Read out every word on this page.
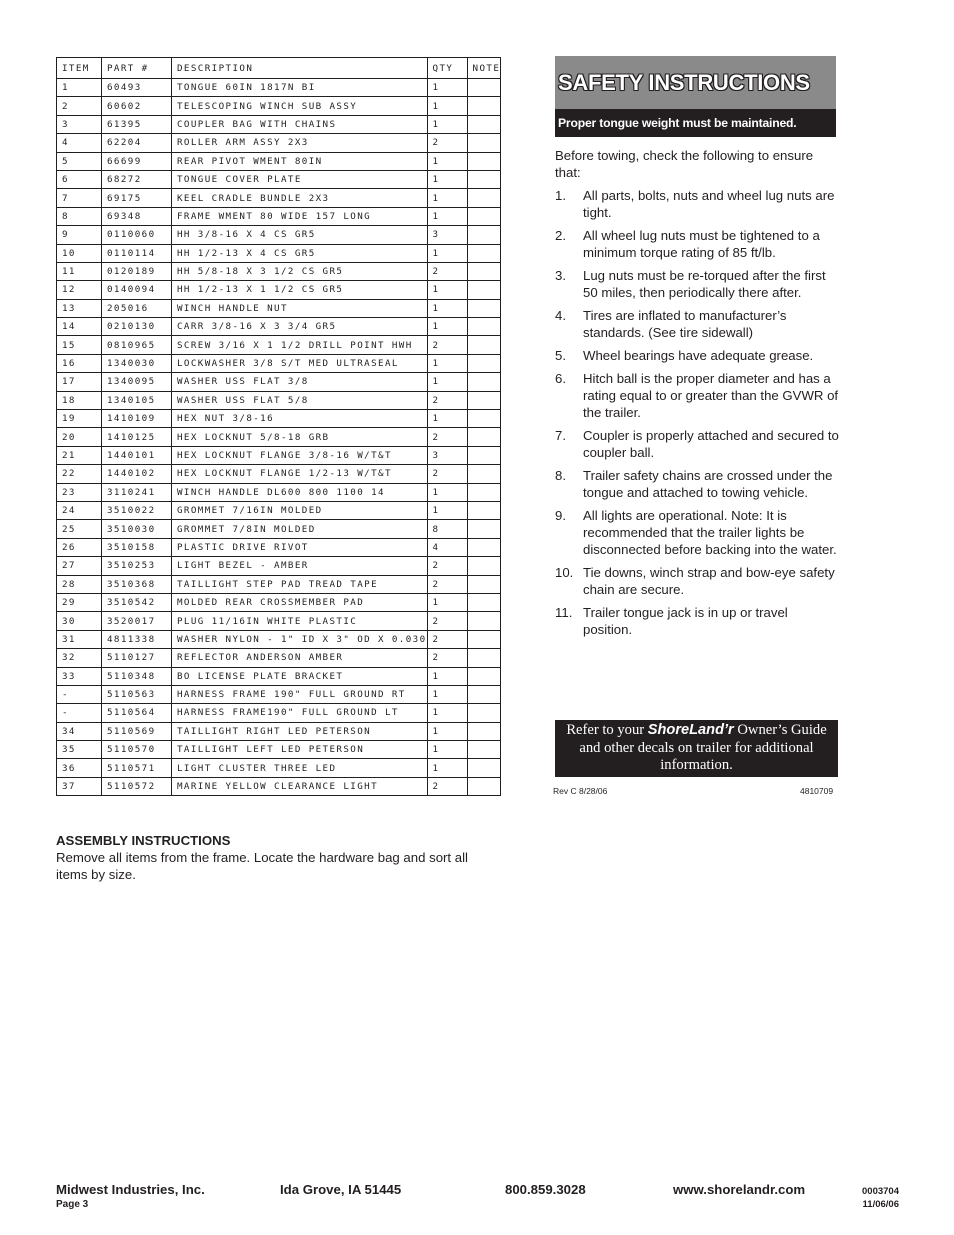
ITEM	PART #	DESCRIPTION	QTY	NOTE
1	60493	TONGUE 60IN 1817N BI	1	
2	60602	TELESCOPING WINCH SUB ASSY	1	
3	61395	COUPLER BAG WITH CHAINS	1	
4	62204	ROLLER ARM ASSY 2X3	2	
5	66699	REAR PIVOT WMENT 80IN	1	
6	68272	TONGUE COVER PLATE	1	
7	69175	KEEL CRADLE BUNDLE 2X3	1	
8	69348	FRAME WMENT 80 WIDE 157 LONG	1	
9	0110060	HH 3/8-16 X 4 CS GR5	3	
10	0110114	HH 1/2-13 X 4 CS GR5	1	
11	0120189	HH 5/8-18 X 3 1/2 CS GR5	2	
12	0140094	HH 1/2-13 X 1 1/2 CS GR5	1	
13	205016	WINCH HANDLE NUT	1	
14	0210130	CARR 3/8-16 X 3 3/4 GR5	1	
15	0810965	SCREW 3/16 X 1 1/2 DRILL POINT HWH	2	
16	1340030	LOCKWASHER 3/8 S/T MED ULTRASEAL	1	
17	1340095	WASHER USS FLAT 3/8	1	
18	1340105	WASHER USS FLAT 5/8	2	
19	1410109	HEX NUT 3/8-16	1	
20	1410125	HEX LOCKNUT 5/8-18 GRB	2	
21	1440101	HEX LOCKNUT FLANGE 3/8-16 W/T&T	3	
22	1440102	HEX LOCKNUT FLANGE 1/2-13 W/T&T	2	
23	3110241	WINCH HANDLE DL600 800 1100 14	1	
24	3510022	GROMMET 7/16IN MOLDED	1	
25	3510030	GROMMET 7/8IN MOLDED	8	
26	3510158	PLASTIC DRIVE RIVOT	4	
27	3510253	LIGHT BEZEL - AMBER	2	
28	3510368	TAILLIGHT STEP PAD TREAD TAPE	2	
29	3510542	MOLDED REAR CROSSMEMBER PAD	1	
30	3520017	PLUG 11/16IN WHITE PLASTIC	2	
31	4811338	WASHER NYLON - 1" ID X 3" OD X 0.030	2	
32	5110127	REFLECTOR ANDERSON AMBER	2	
33	5110348	BO LICENSE PLATE BRACKET	1	
-	5110563	HARNESS FRAME 190" FULL GROUND RT	1	
-	5110564	HARNESS FRAME190" FULL GROUND LT	1	
34	5110569	TAILLIGHT RIGHT LED PETERSON	1	
35	5110570	TAILLIGHT LEFT LED PETERSON	1	
36	5110571	LIGHT CLUSTER THREE LED	1	
37	5110572	MARINE YELLOW CLEARANCE LIGHT	2	

ASSEMBLY INSTRUCTIONS

Remove all items from the frame. Locate the hardware bag and sort all items by size.

SAFETY INSTRUCTIONS
Proper tongue weight must be maintained.

Before towing, check the following to ensure that:

1. All parts, bolts, nuts and wheel lug nuts are tight.
2. All wheel lug nuts must be tightened to a minimum torque rating of 85 ft/lb.
3. Lug nuts must be re-torqued after the first 50 miles, then periodically there after.
4. Tires are inflated to manufacturer’s standards. (See tire sidewall)
5. Wheel bearings have adequate grease.
6. Hitch ball is the proper diameter and has a rating equal to or greater than the GVWR of the trailer.
7. Coupler is properly attached and secured to coupler ball.
8. Trailer safety chains are crossed under the tongue and attached to towing vehicle.
9. All lights are operational. Note: It is recommended that the trailer lights be disconnected before backing into the water.
10. Tie downs, winch strap and bow-eye safety chain are secure.
11. Trailer tongue jack is in up or travel position.
Refer to your ShoreLand’r Owner’s Guide and other decals on trailer for additional information.
Rev C 8/28/06	4810709
Midwest Industries, Inc.	Ida Grove, IA 51445	800.859.3028	www.shorelandr.com
Page 3
0003704
11/06/06
